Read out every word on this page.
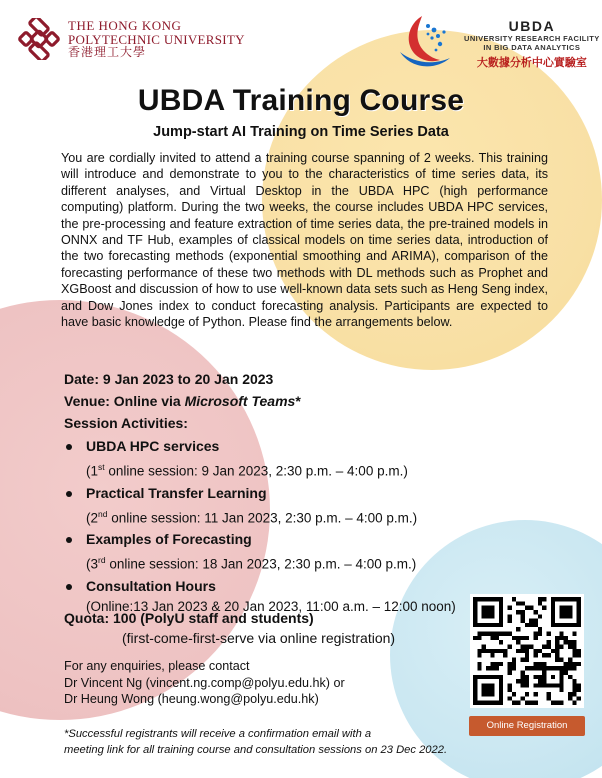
THE HONG KONG
POLYTECHNIC UNIVERSITY
香港理工大學
UBDA
UNIVERSITY RESEARCH FACILITY
IN BIG DATA ANALYTICS
大數據分析中心實驗室
UBDA Training Course
Jump-start AI Training on Time Series Data

You are cordially invited to attend a training course spanning of 2 weeks. This training will introduce and demonstrate to you to the characteristics of time series data, its different analyses, and Virtual Desktop in the UBDA HPC (high performance computing) platform. During the two weeks, the course includes UBDA HPC services, the pre-processing and feature extraction of time series data, the pre-trained models in ONNX and TF Hub, examples of classical models on time series data, introduction of the two forecasting methods (exponential smoothing and ARIMA), comparison of the forecasting performance of these two methods with DL methods such as Prophet and XGBoost and discussion of how to use well-known data sets such as Heng Seng index, and Dow Jones index to conduct forecasting analysis. Participants are expected to have basic knowledge of Python. Please find the arrangements below.

Date: 9 Jan 2023 to 20 Jan 2023
Venue: Online via Microsoft Teams*
Session Activities:
UBDA HPC services
(1st online session: 9 Jan 2023, 2:30 p.m. – 4:00 p.m.)
Practical Transfer Learning
(2nd online session: 11 Jan 2023, 2:30 p.m. – 4:00 p.m.)
Examples of Forecasting
(3rd online session: 18 Jan 2023, 2:30 p.m. – 4:00 p.m.)
Consultation Hours
(Online:13 Jan 2023 & 20 Jan 2023, 11:00 a.m. – 12:00 noon)
Quota: 100 (PolyU staff and students)
(first-come-first-serve via online registration)
For any enquiries, please contact
Dr Vincent Ng (vincent.ng.comp@polyu.edu.hk) or
Dr Heung Wong (heung.wong@polyu.edu.hk)
*Successful registrants will receive a confirmation email with a
meeting link for all training course and consultation sessions on 23 Dec 2022.
Online Registration
